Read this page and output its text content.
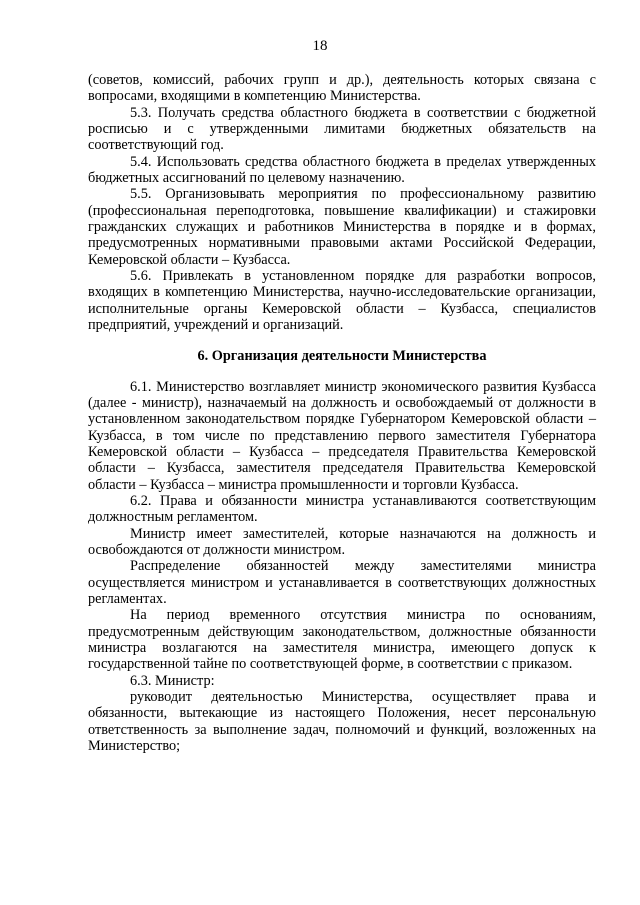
18

(советов, комиссий, рабочих групп и др.), деятельность которых связана с вопросами, входящими в компетенцию Министерства.

5.3. Получать средства областного бюджета в соответствии с бюджетной росписью и с утвержденными лимитами бюджетных обязательств на соответствующий год.

5.4. Использовать средства областного бюджета в пределах утвержденных бюджетных ассигнований по целевому назначению.

5.5. Организовывать мероприятия по профессиональному развитию (профессиональная переподготовка, повышение квалификации) и стажировки гражданских служащих и работников Министерства в порядке и в формах, предусмотренных нормативными правовыми актами Российской Федерации, Кемеровской области – Кузбасса.

5.6. Привлекать в установленном порядке для разработки вопросов, входящих в компетенцию Министерства, научно-исследовательские организации, исполнительные органы Кемеровской области – Кузбасса, специалистов предприятий, учреждений и организаций.

6. Организация деятельности Министерства

6.1. Министерство возглавляет министр экономического развития Кузбасса (далее - министр), назначаемый на должность и освобождаемый от должности в установленном законодательством порядке Губернатором Кемеровской области – Кузбасса, в том числе по представлению первого заместителя Губернатора Кемеровской области – Кузбасса – председателя Правительства Кемеровской области – Кузбасса, заместителя председателя Правительства Кемеровской области – Кузбасса – министра промышленности и торговли Кузбасса.

6.2. Права и обязанности министра устанавливаются соответствующим должностным регламентом.

Министр имеет заместителей, которые назначаются на должность и освобождаются от должности министром.

Распределение обязанностей между заместителями министра осуществляется министром и устанавливается в соответствующих должностных регламентах.

На период временного отсутствия министра по основаниям, предусмотренным действующим законодательством, должностные обязанности министра возлагаются на заместителя министра, имеющего допуск к государственной тайне по соответствующей форме, в соответствии с приказом.

6.3. Министр:

руководит деятельностью Министерства, осуществляет права и обязанности, вытекающие из настоящего Положения, несет персональную ответственность за выполнение задач, полномочий и функций, возложенных на Министерство;
